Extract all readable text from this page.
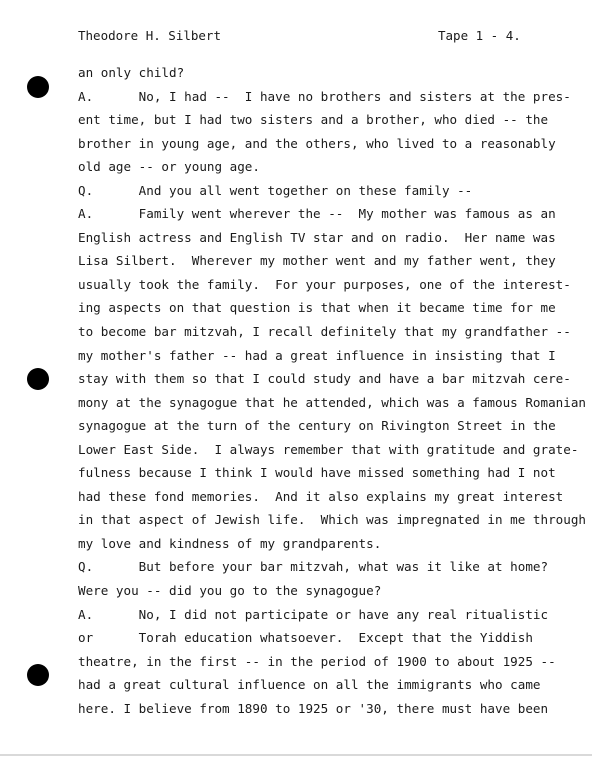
Theodore H. Silbert	Tape 1 - 4.
an only child?
A.      No, I had --  I have no brothers and sisters at the pres-
ent time, but I had two sisters and a brother, who died -- the
brother in young age, and the others, who lived to a reasonably
old age -- or young age.
Q.      And you all went together on these family --
A.      Family went wherever the --  My mother was famous as an
English actress and English TV star and on radio.  Her name was
Lisa Silbert.  Wherever my mother went and my father went, they
usually took the family.  For your purposes, one of the interest-
ing aspects on that question is that when it became time for me
to become bar mitzvah, I recall definitely that my grandfather --
my mother's father -- had a great influence in insisting that I
stay with them so that I could study and have a bar mitzvah cere-
mony at the synagogue that he attended, which was a famous Romanian
synagogue at the turn of the century on Rivington Street in the
Lower East Side.  I always remember that with gratitude and grate-
fulness because I think I would have missed something had I not
had these fond memories.  And it also explains my great interest
in that aspect of Jewish life.  Which was impregnated in me through
my love and kindness of my grandparents.
Q.      But before your bar mitzvah, what was it like at home?
Were you -- did you go to the synagogue?
A.      No, I did not participate or have any real ritualistic
or      Torah education whatsoever.  Except that the Yiddish
theatre, in the first -- in the period of 1900 to about 1925 --
had a great cultural influence on all the immigrants who came
here. I believe from 1890 to 1925 or '30, there must have been
